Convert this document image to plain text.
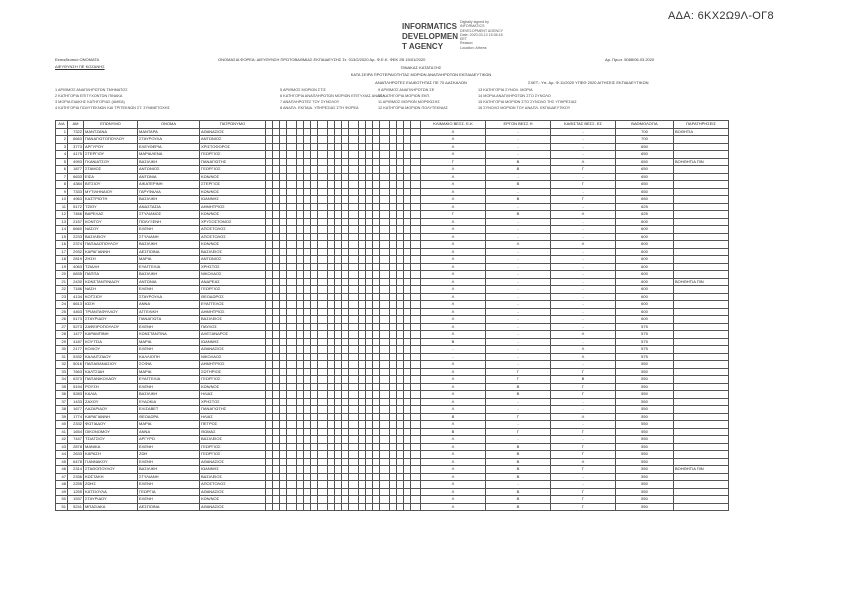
ΑΔΑ: 6ΚΧ2Ω9Λ-ΟΓ8
INFORMATICS
DEVELOPMEN
T AGENCY
Digitally signed by
INFORMATICS
DEVELOPMENT AGENCY
Date: 2020.03.13 15:36:18
EET
Reason:
Location: Athens
Εκπαιδευτικό ΟΝΟΜΑΤΑ
ΔΙΕΥΘΥΝΣΗ ΠΕ ΚΟΖΑΝΗΣ
ΟΝΟΜΑΣΙΑ ΦΟΡΕΑ: ΔΙΕΥΘΥΝΣΗ ΠΡΩΤΟΒΑΘΜΙΑΣ ΕΚΠΑΙΔΕΥΣΗΣ Στ. 013/2/2020 Αρ. Φ.Ε.Κ. ΦΕΚ 2Β 15/01/2020	Αρ. Πρωτ. 5088/06.03.2020
ΠΙΝΑΚΑΣ ΚΑΤΑΤΑΞΗΣ
ΚΑΤΑ ΣΕΙΡΑ ΠΡΟΤΕΡΑΙΟΤΗΤΑΣ ΜΟΡΙΩΝ ΑΝΑΠΛΗΡΩΤΩΝ ΕΚΠΑΙΔΕΥΤΙΚΩΝ
ΑΝΑΠΛΗΡΩΤΕΣ ΕΙΔΙΚΟΤΗΤΑΣ ΠΕ 70 ΔΑΣΚΑΛΩΝ	ΣΧΕΤ.: Υπ. Αρ. Φ.11/2020 ΥΠΕΘ 2020 ΑΙΤΗΣΕΙΣ ΕΚΠΑΙΔΕΥΤΙΚΩΝ
1 ΑΡΙΘΜΟΣ ΑΝΑΠΛΗΡΩΤΩΝ ΤΜΗΜΑΤΟΣ
2 ΚΑΤΗΓΟΡΙΑ ΕΠΙΤΥΧΟΝΤΩΝ ΠΙΝΑΚΑ
3 ΜΟΡΙΑ ΕΙΔΙΚΗΣ ΚΑΤΗΓΟΡΙΑΣ (ΑΜΕΑ)
4 ΚΑΤΗΓΟΡΙΑ ΠΟΛΥΤΕΚΝΩΝ ΚΑΙ ΤΡΙΤΕΚΝΩΝ ΣΤ. ΣΥΜΜΕΤΟΧΗΣ
5 ΑΡΙΘΜΟΣ ΜΟΡΙΩΝ ΣΤΙΣ
6 ΚΑΤΗΓΟΡΙΑ ΑΝΑΠΛΗΡΩΤΩΝ ΜΟΡΙΩΝ ΕΠΙΤΥΧΙΑΣ ΑΝΑΠΛ.
7 ΑΝΑΠΛΗΡΩΤΕΣ ΤΟΥ ΣΥΝΟΛΟΥ
8 ΑΝΑΠΛ. ΕΚΠΑΙΔ. ΥΠΗΡΕΣΙΑΣ ΣΤΗ ΦΟΡΕΑ
9 ΑΡΙΘΜΟΣ ΑΝΑΠΛΗΡΩΤΩΝ ΣΕ
10 ΚΑΤΗΓΟΡΙΑ ΜΟΡΙΩΝ ΕΚΠ.
11 ΑΡΙΘΜΟΣ ΜΟΡΙΩΝ ΜΟΡΦΩΣΗΣ
12 ΚΑΤΗΓΟΡΙΑ ΜΟΡΙΩΝ ΠΟΛΥΤΕΚΝΙΑΣ
13 ΚΑΤΗΓΟΡΙΑ ΣΥΝΟΛ. ΜΟΡΙΑ
14 ΜΟΡΙΑ ΑΝΑΠΛΗΡΩΤΩΝ ΣΤΟ ΣΥΝΟΛΟ
15 ΚΑΤΗΓΟΡΙΑ ΜΟΡΙΩΝ ΣΤΟ ΣΥΝΟΛΟ ΤΗΣ ΥΠΗΡΕΣΙΑΣ
16 ΣΥΝΟΛΟ ΜΟΡΙΩΝ ΤΟΥ ΑΝΑΠΛ. ΕΚΠΑΙΔΕΥΤΙΚΟΥ
Α/Α	ΑΜ	ΕΠΩΝΥΜΟ	ΟΝΟΜΑ	ΠΑΤΡΩΝΥΜΟ																					ΚΛΙΜΑΚΙΟ ΒΕΣΣ. Ε-Κ	ΕΡΓΟΝ ΒΕΣΣ Η	ΚΑΘΙΣΤΑΣ ΒΕΣΣ. ΕΣ	ΒΑΘΜΟΛΟΓΙΑ	ΠΑΡΑΤΗΡΗΣΕΙΣ
1	7322	ΜΑΝΤΖΑΝΑ	ΜΑΝΤΑΡΑ	ΑΘΑΝΑΣΙΟΣ																					Λ	-	-	700	ΒΟΘΗΤΙΑ
2	6663	ΠΑΝΑΓΙΩΤΟΠΟΥΛΟΥ	ΣΤΑΥΡΟΥΛΑ	ΑΝΤΩΝΙΟΣ																					Λ	-	-	700	
3	3773	ΑΡΓΥΡΟΥ	ΕΛΕΥΘΕΡΙΑ	ΧΡΙΣΤΟΦΟΡΟΣ																					Λ	-	-	650	
4	4175	ΣΤΕΡΓΙΟΥ	ΜΑΡΙΑΛΕΝΑ	ΓΕΩΡΓΙΟΣ																					Λ	-	-	650	
5	4993	ΓΚΑΝΙΑΤΣΟΥ	ΒΑΣΙΛΙΚΗ	ΠΑΝΑΓΙΩΤΗΣ																					Γ	Β	Λ	650	ΒΟΗΘΗΤΙΑ ΠΙΝ
6	1877	ΣΤΑΜΟΣ	ΑΝΤΩΝΙΟΣ	ΓΕΩΡΓΙΟΣ																					Λ	Β	Γ	650	
7	6633	ΕΙΣΑ	ΑΝΤΩΝΙΑ	ΚΩΝ/ΝΟΣ																					Λ	-	-	650	
8	4384	ΒΙΤΣΙΟΥ	ΑΙΚΑΤΕΡΙΝΗ	ΣΤΕΡΓΙΟΣ																					Λ	Β	Γ	650	
9	7333	ΜΥΤΙΛΗΝΑΙΟΥ	ΓΑΡΥΦΑΛΙΑ	ΚΩΝ/ΝΟΣ																					Λ	-	-	650	
10	4963	ΚΑΣΤΡΙΩΤΗ	ΒΑΣΙΛΙΚΗ	ΙΩΑΝΝΗΣ																					Λ	Β	Γ	650	
11	5172	ΤΖΙΟΥ	ΑΝΑΣΤΑΣΙΑ	ΔΗΜΗΤΡΙΟΣ																					Λ	-	-	625	
12	7466	ΒΑΡΕΛΑΣ	ΣΤΥΛΙΑΝΟΣ	ΚΩΝ/ΝΟΣ																					Γ	Β	Λ	625	
13	2157	ΚΟΝΤΟΥ	ΠΟΛΥΞΕΝΗ	ΧΡΥΣΟΣΤΟΜΟΣ																					Λ	-	-	600	
14	6660	ΝΑΣΟΥ	ΕΛΕΝΗ	ΑΠΟΣΤΟΛΟΣ																					Λ	-	-	600	
15	2233	ΒΑΣΙΛΕΙΟΥ	ΣΤΥΛΙΑΝΗ	ΑΠΟΣΤΟΛΟΣ																					Λ	-	-	600	
16	2374	ΠΑΠΑΔΟΠΟΥΛΟΥ	ΒΑΣΙΛΙΚΗ	ΚΩΝ/ΝΟΣ																					Λ	Λ	Λ	600	
17	2932	ΚΑΡΑΓΙΑΝΝΗ	ΔΕΣΠΟΙΝΑ	ΒΑΣΙΛΕΙΟΣ																					Λ	-	-	600	
18	2819	ΖΗΣΗ	ΜΑΡΙΑ	ΑΝΤΩΝΙΟΣ																					Λ	-	-	600	
19	4063	ΤΖΙΑΛΗ	ΕΥΑΓΓΕΛΙΑ	ΧΡΗΣΤΟΣ																					Λ	-	-	600	
20	6835	ΠΑΠΠΑ	ΒΑΣΙΛΙΚΗ	ΝΙΚΟΛΑΟΣ																					Λ	-	-	600	
21	2430	ΚΩΝΣΤΑΝΤΙΝΙΔΟΥ	ΑΝΤΩΝΙΑ	ΑΝΔΡΕΑΣ																					Λ	-	-	600	ΒΟΗΘΗΤΙΑ ΠΙΝ
22	7186	ΝΑΣΗ	ΕΛΕΝΗ	ΓΕΩΡΓΙΟΣ																					Λ	-	-	600	
23	4134	ΚΟΤΣΙΟΥ	ΣΤΑΥΡΟΥΛΑ	ΘΕΟΔΩΡΟΣ																					Λ	-	-	600	
24	6613	ΙΩΣΗ	ΑΝΝΑ	ΕΥΑΓΓΕΛΟΣ																					Λ	-	-	600	
25	4463	ΤΡΙΑΝΤΑΦΥΛΛΟΥ	ΑΓΓΕΛΙΚΗ	ΔΗΜΗΤΡΙΟΣ																					Λ	-	-	600	
26	5173	ΣΤΑΥΡΙΔΟΥ	ΠΑΝΑΓΙΩΤΑ	ΒΑΣΙΛΕΙΟΣ																					Λ	-	-	600	
27	5273	ΖΑΦΕΙΡΟΠΟΥΛΟΥ	ΕΛΕΝΗ	ΠΑΥΛΟΣ																					Λ	-	-	575	
28	1477	ΚΑΡΑΜΠΙΝΗ	ΚΩΝΣΤΑΝΤΙΝΑ	ΑΛΕΞΑΝΔΡΟΣ																					Λ	-	Λ	575	
29	4187	ΚΟΥΤΣΙΑ	ΜΑΡΙΑ	ΙΩΑΝΝΗΣ																					Β	-	-	575	
30	2177	ΚΟΛΙΟΥ	ΕΛΕΝΗ	ΑΘΑΝΑΣΙΟΣ																					-	-	Λ	575	
31	5332	ΚΑΛΑΙΤΖΙΔΟΥ	ΚΑΛΛΙΟΠΗ	ΝΙΚΟΛΑΟΣ																					-	-	Λ	575	
32	5016	ΠΑΠΑΘΑΝΑΣΙΟΥ	ΣΟΦΙΑ	ΔΗΜΗΤΡΙΟΣ																					Λ	-	-	550	
33	7663	ΚΑΛΤΣΙΔΗ	ΜΑΡΙΑ	ΣΩΤΗΡΙΟΣ																					Λ	Γ	Γ	550	
34	6373	ΠΑΠΑΝΙΚΟΛΑΟΥ	ΕΥΑΓΓΕΛΙΑ	ΓΕΩΡΓΙΟΣ																					Λ	Γ	Β	550	
35	5194	ΡΟΥΣΗ	ΕΛΕΝΗ	ΚΩΝ/ΝΟΣ																					Λ	Β	Γ	550	
36	5283	ΚΑΛΙΑ	ΒΑΣΙΛΙΚΗ	ΗΛΙΑΣ																					Λ	Β	Γ	550	
37	1433	ΖΑΧΟΥ	ΕΥΔΟΚΙΑ	ΧΡΗΣΤΟΣ																					Λ	-	-	550	
38	1677	ΛΑΖΑΡΙΔΟΥ	ΕΛΙΣΑΒΕΤ	ΠΑΝΑΓΙΩΤΗΣ																					Λ	-	-	550	
39	1774	ΚΑΡΑΓΙΑΝΝΗ	ΘΕΟΔΩΡΑ	ΗΛΙΑΣ																					Β	Γ	Λ	550	
40	2332	ΦΩΤΙΑΔΟΥ	ΜΑΡΙΑ	ΠΕΤΡΟΣ																					Λ	-	-	550	
41	1654	ΟΙΚΟΝΟΜΟΥ	ΑΝΝΑ	ΘΩΜΑΣ																					Β	Γ	Γ	550	
42	7447	ΤΣΙΑΤΣΙΟΥ	ΑΡΓΥΡΩ	ΒΑΣΙΛΕΙΟΣ																					Λ	-	-	550	
43	2878	ΜΑΝΙΚΑ	ΕΛΕΝΗ	ΓΕΩΡΓΙΟΣ																					Λ	Β	Γ	550	
44	2633	ΚΑΡΑΣΗ	ΖΩΗ	ΓΕΩΡΓΙΟΣ																					Λ	Β	Γ	550	
45	6478	ΓΙΑΝΝΑΚΟΥ	ΕΛΕΝΗ	ΑΘΑΝΑΣΙΟΣ																					Λ	Β	Λ	550	
46	2314	ΣΤΑΘΟΠΟΥΛΟΥ	ΒΑΣΙΛΙΚΗ	ΙΩΑΝΝΗΣ																					Λ	Β	Γ	550	ΒΟΗΘΗΤΙΑ ΠΙΝ
47	2336	ΚΩΣΤΑΚΗ	ΣΤΥΛΙΑΝΗ	ΒΑΣΙΛΕΙΟΣ																					Λ	Β	-	550	
48	2255	ΖΩΗΣ	ΕΛΕΝΗ	ΑΠΟΣΤΟΛΟΣ																					Λ	-	-	550	
49	1255	ΚΑΤΣΙΟΥΛΑ	ΓΕΩΡΓΙΑ	ΑΘΑΝΑΣΙΟΣ																					Λ	Β	Γ	550	
50	1537	ΣΤΑΥΡΙΔΟΥ	ΕΛΕΝΗ	ΚΩΝ/ΝΟΣ																					Λ	Β	Γ	550	
51	5241	ΜΠΑΣΙΑΚΑ	ΔΕΣΠΟΙΝΑ	ΑΘΑΝΑΣΙΟΣ																					Λ	Β	Γ	550	
